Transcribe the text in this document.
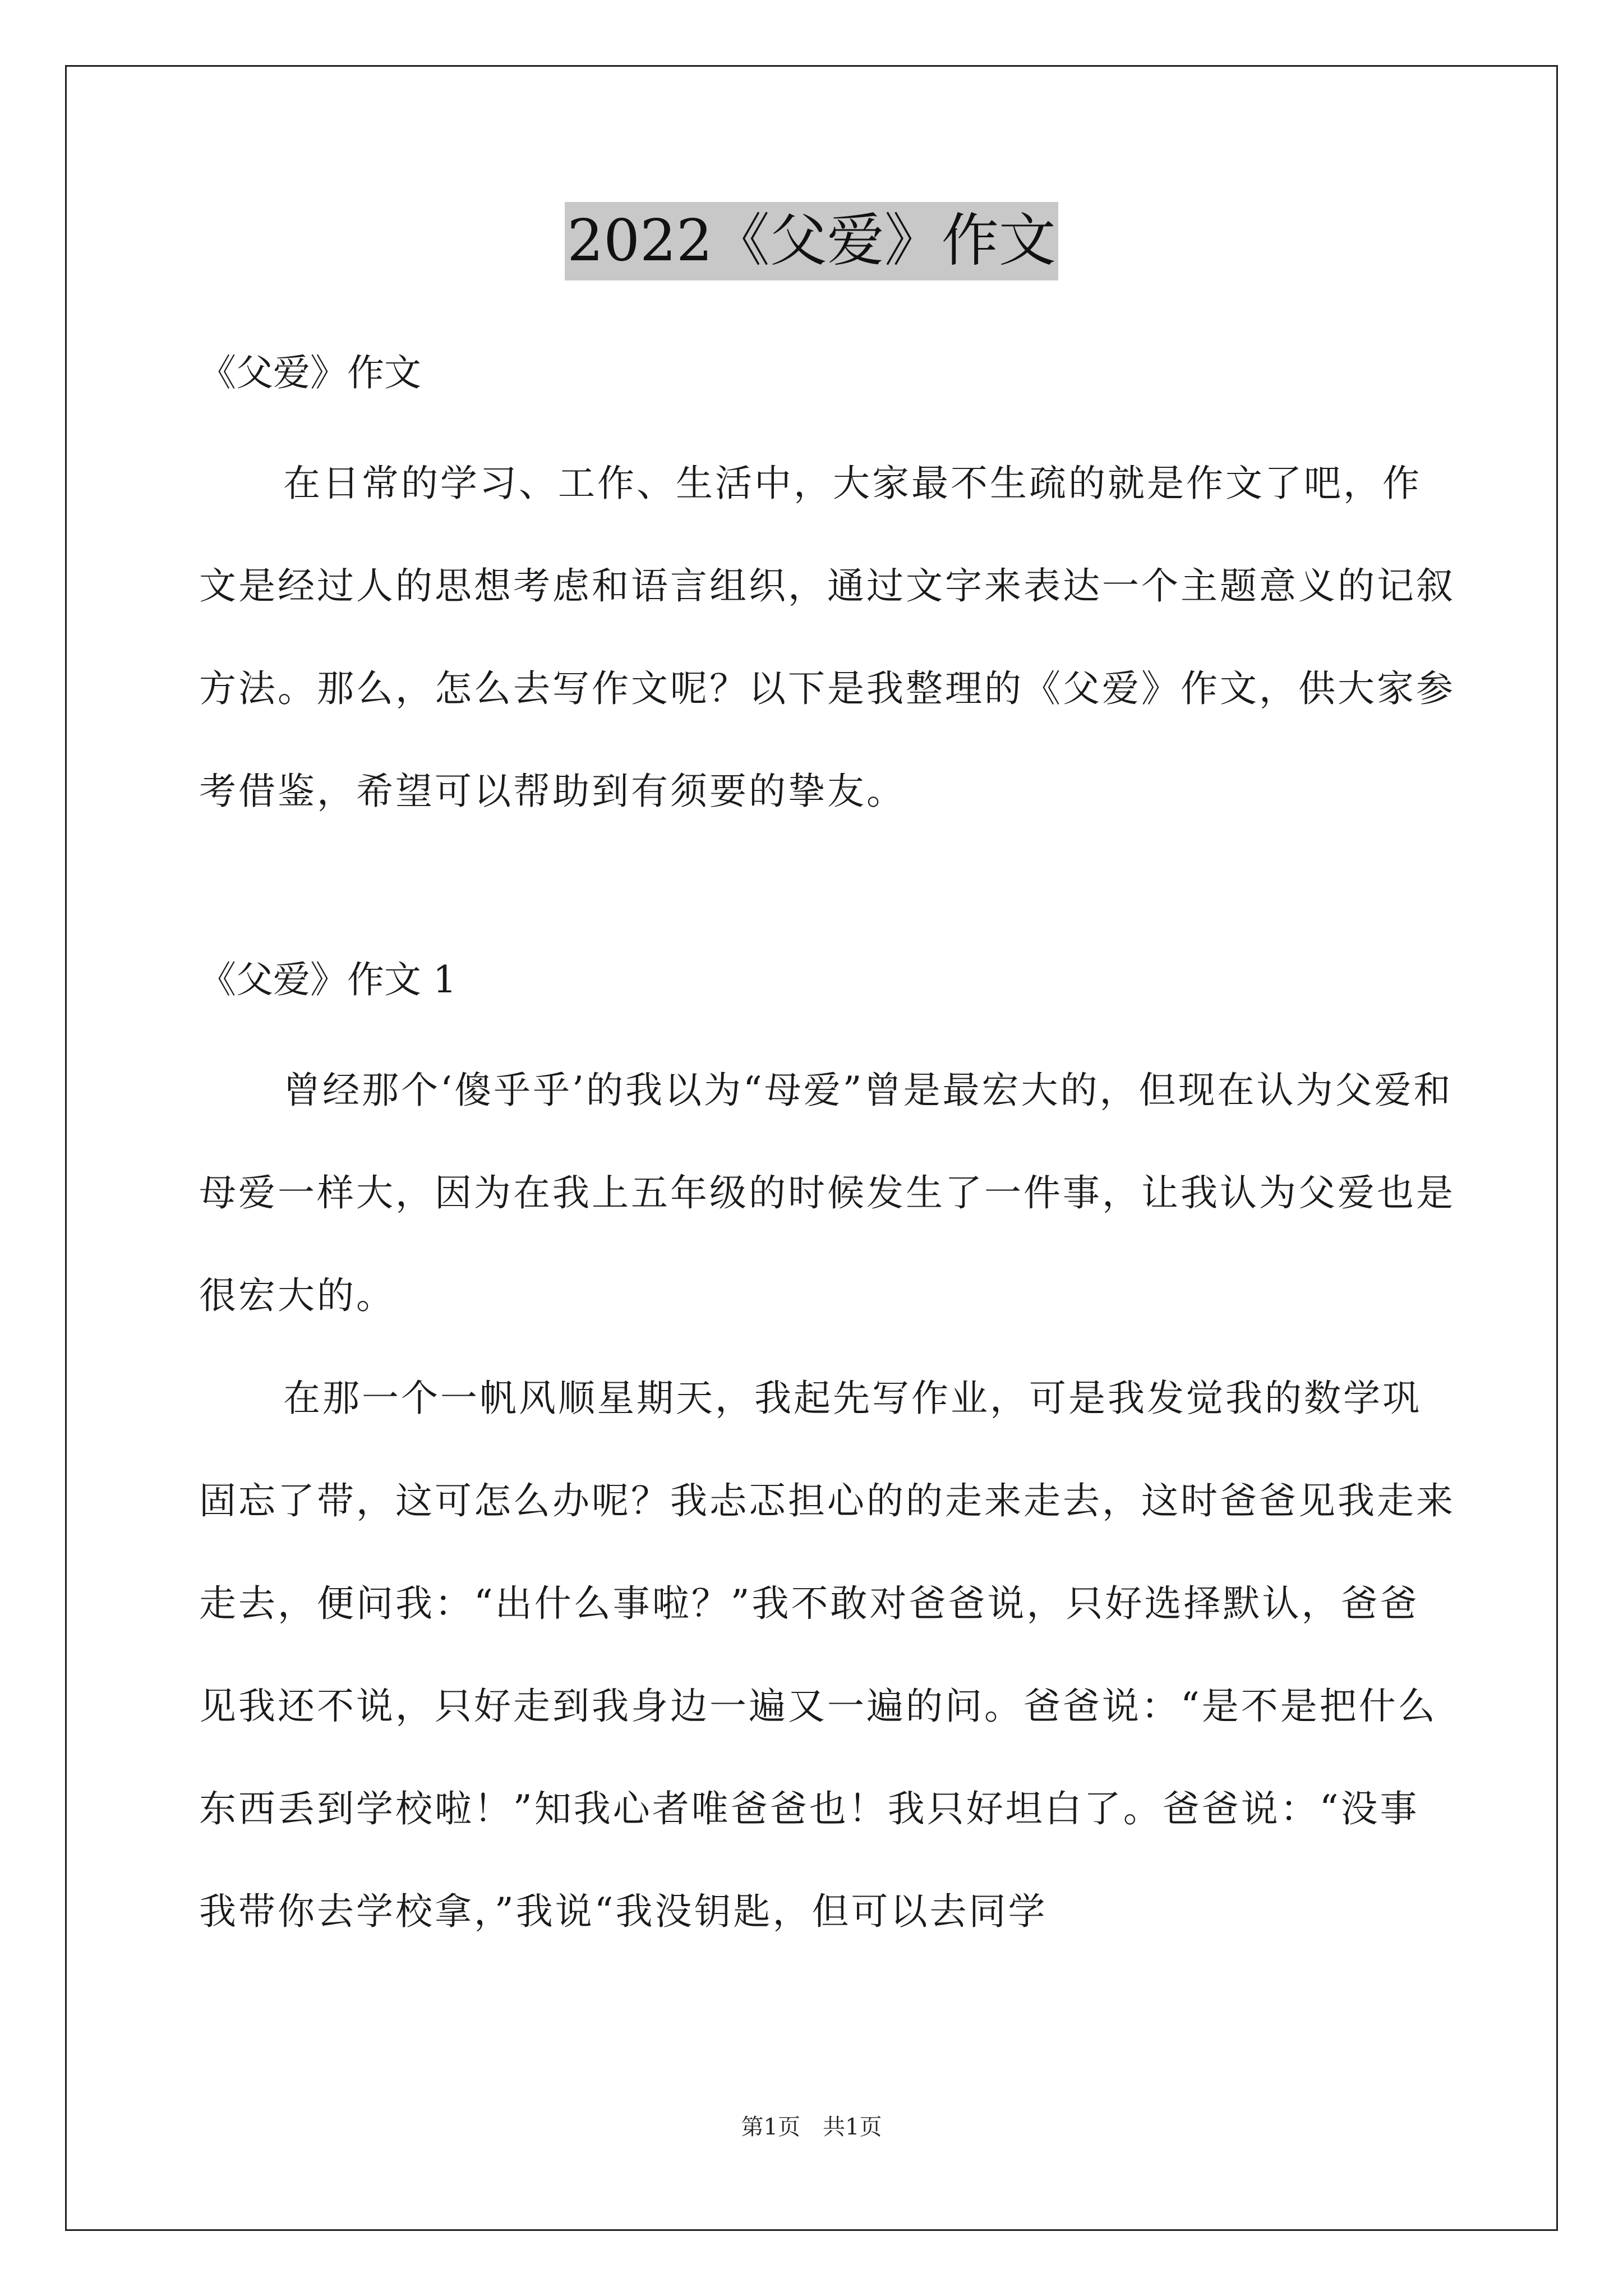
2022《父爱》作文

《父爱》作文

在日常的学习、工作、生活中，大家最不生疏的就是作文了吧，作文是经过人的思想考虑和语言组织，通过文字来表达一个主题意义的记叙方法。那么，怎么去写作文呢？以下是我整理的《父爱》作文，供大家参考借鉴，希望可以帮助到有须要的挚友。

《父爱》作文 1

曾经那个‘傻乎乎’的我以为“母爱”曾是最宏大的，但现在认为父爱和母爱一样大，因为在我上五年级的时候发生了一件事，让我认为父爱也是很宏大的。

在那一个一帆风顺星期天，我起先写作业，可是我发觉我的数学巩固忘了带，这可怎么办呢？我忐忑担心的的走来走去，这时爸爸见我走来走去，便问我：“出什么事啦？”我不敢对爸爸说，只好选择默认，爸爸见我还不说，只好走到我身边一遍又一遍的问。爸爸说：“是不是把什么东西丢到学校啦！”知我心者唯爸爸也！我只好坦白了。爸爸说：“没事我带你去学校拿，”我说“我没钥匙，但可以去同学

第1页　共1页
